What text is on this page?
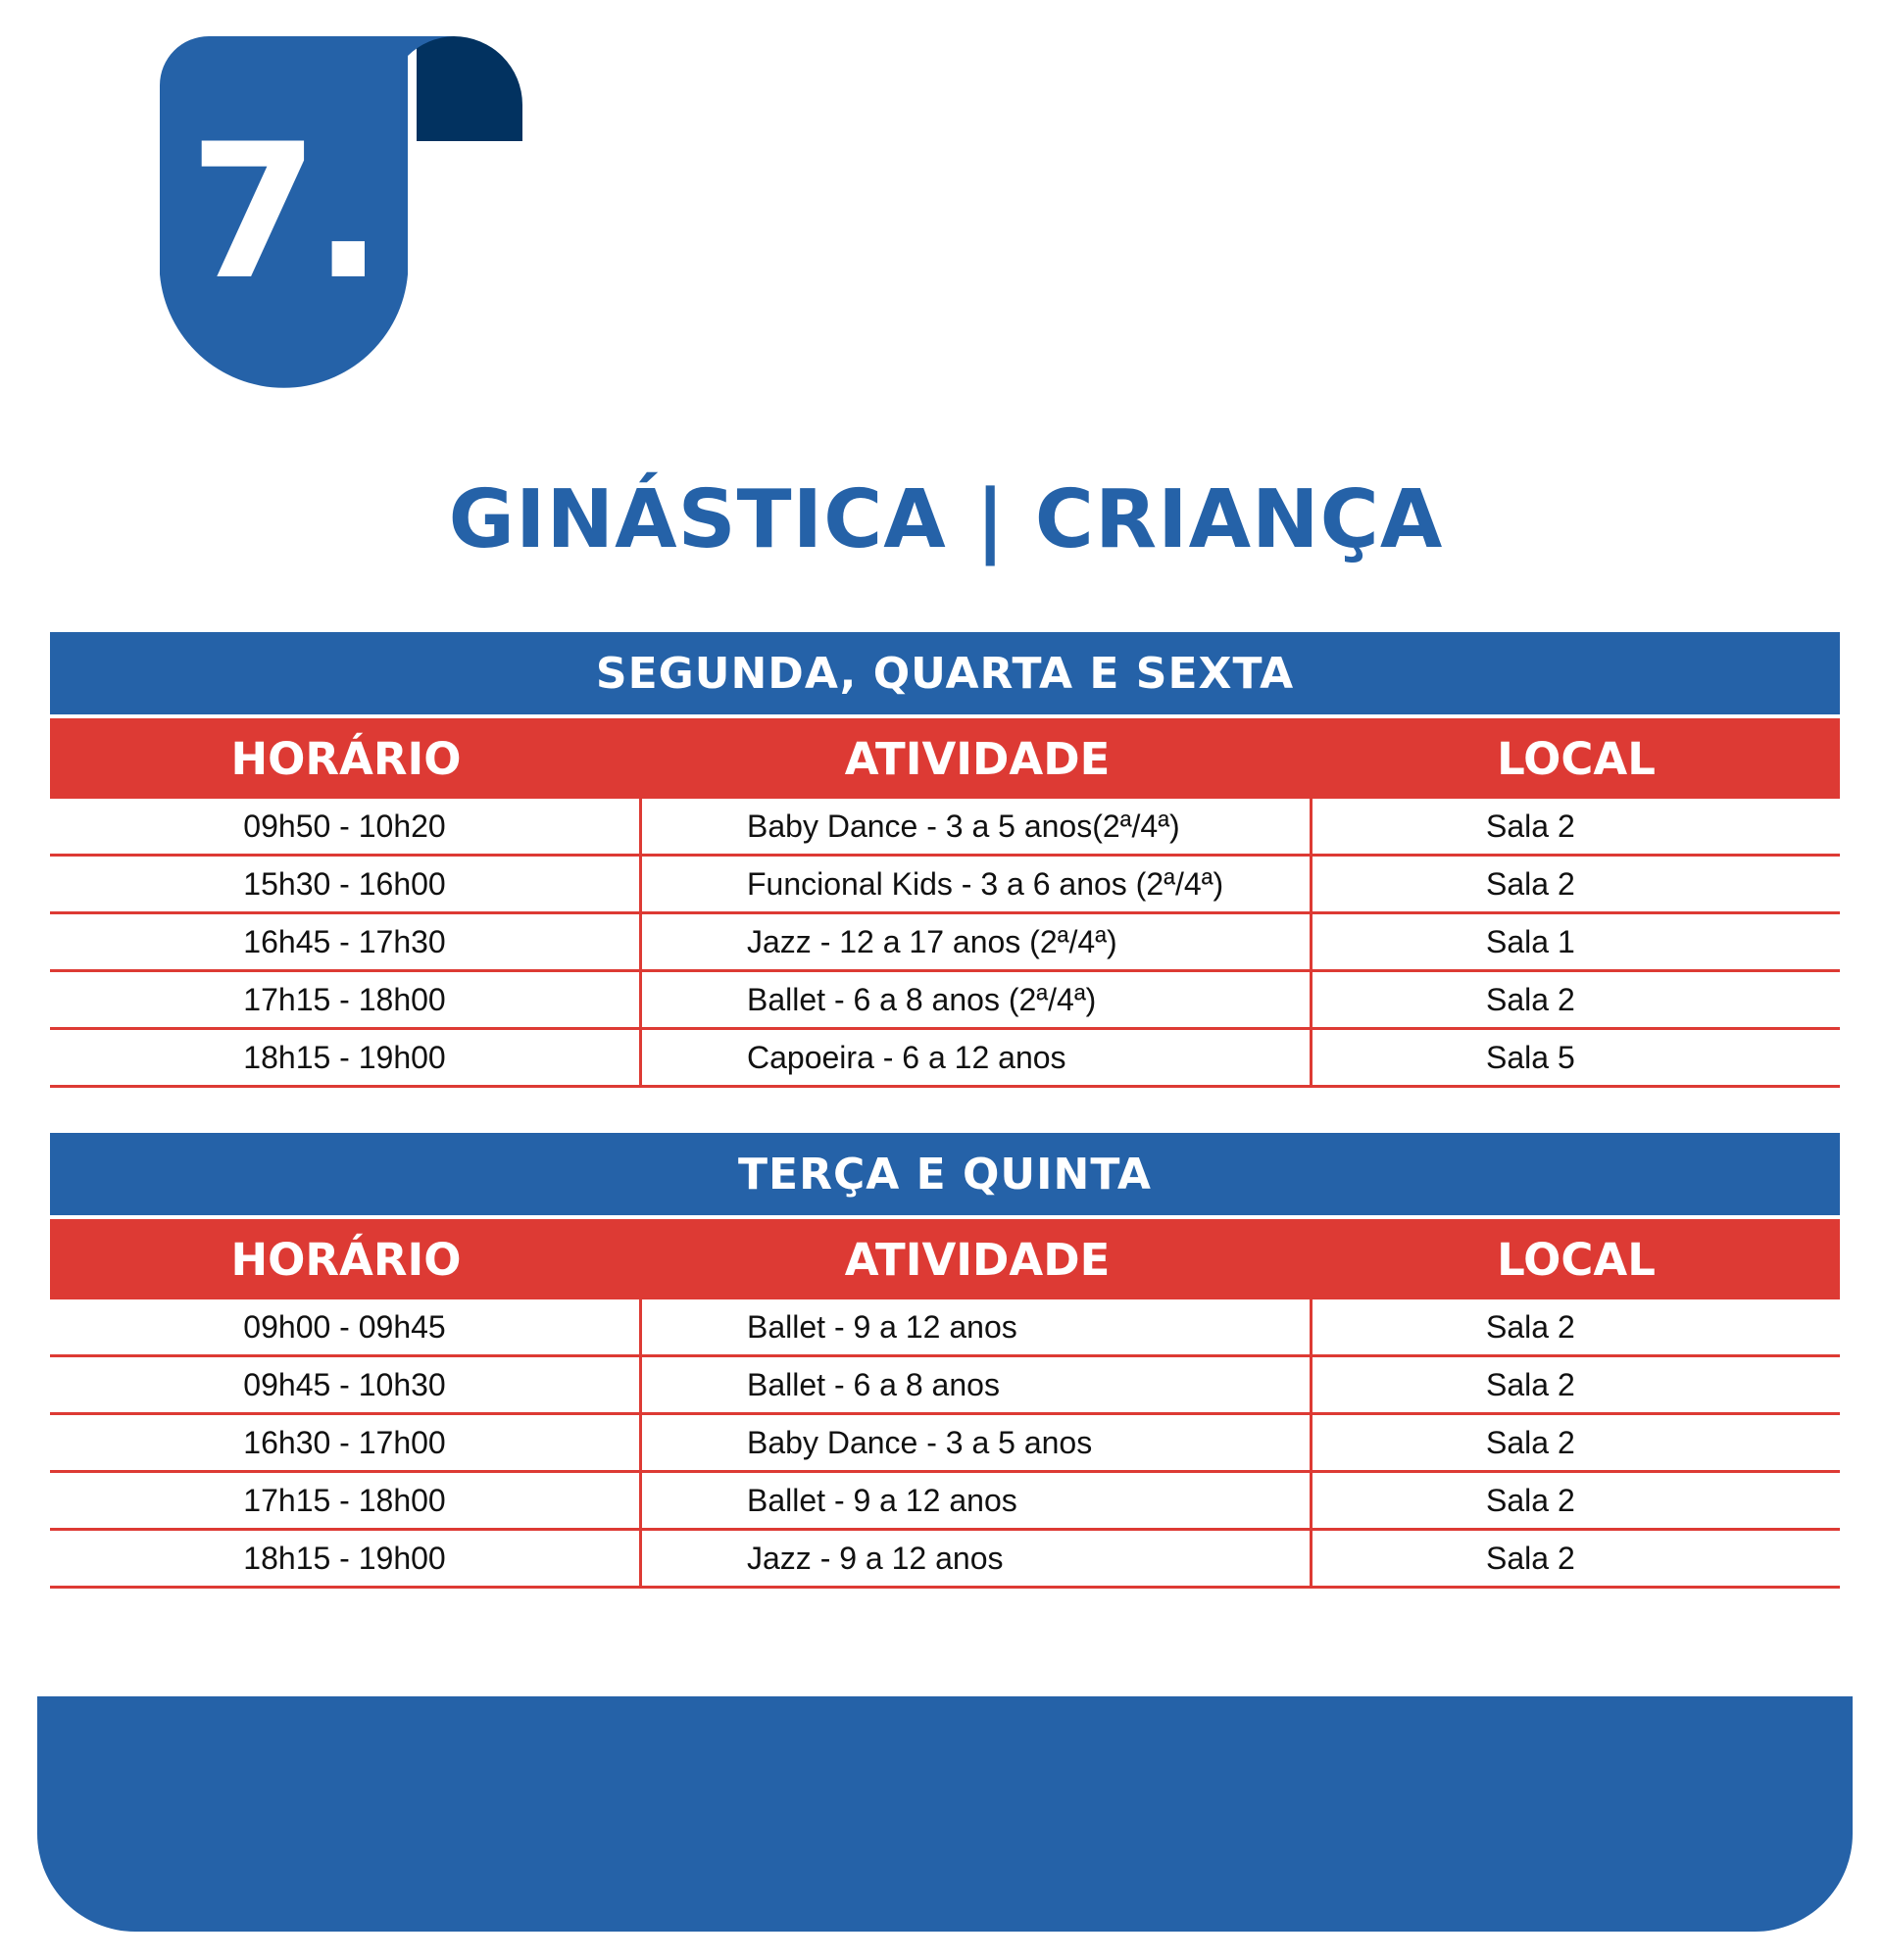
7.
GINÁSTICA | CRIANÇA
SEGUNDA, QUARTA E SEXTA
HORÁRIO	ATIVIDADE	LOCAL
09h50 - 10h20	Baby Dance - 3 a 5 anos(2ª/4ª)	Sala 2
15h30 - 16h00	Funcional Kids - 3 a 6 anos (2ª/4ª)	Sala 2
16h45 - 17h30	Jazz - 12 a 17 anos (2ª/4ª)	Sala 1
17h15 - 18h00	Ballet - 6 a 8 anos (2ª/4ª)	Sala 2
18h15 - 19h00	Capoeira - 6 a 12 anos	Sala 5
TERÇA E QUINTA
HORÁRIO	ATIVIDADE	LOCAL
09h00 - 09h45	Ballet - 9 a 12 anos	Sala 2
09h45 - 10h30	Ballet - 6 a 8 anos	Sala 2
16h30 - 17h00	Baby Dance - 3 a 5 anos	Sala 2
17h15 - 18h00	Ballet - 9 a 12 anos	Sala 2
18h15 - 19h00	Jazz - 9 a 12 anos	Sala 2
